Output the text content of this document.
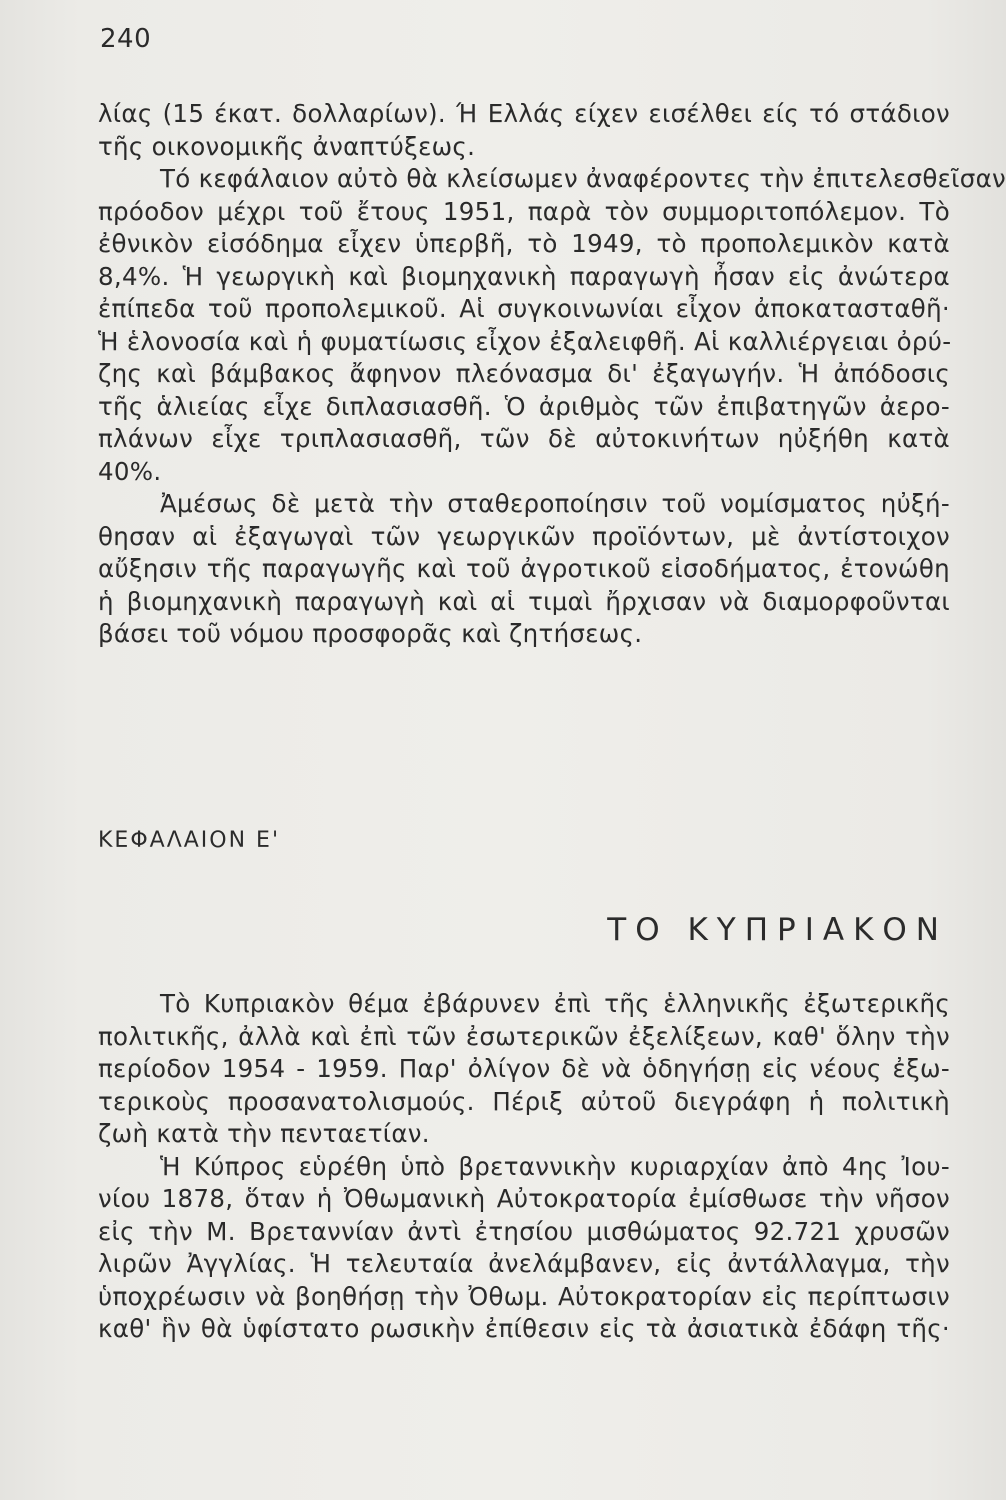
240
λίας (15 έκατ. δολλαρίων). Ή Ελλάς είχεν εισέλθει είς τό στάδιον
τῆς οικονομικῆς ἀναπτύξεως.
Τό κεφάλαιον αὐτὸ θὰ κλείσωμεν ἀναφέροντες τὴν ἐπιτελεσθεῖσαν
πρόοδον μέχρι τοῦ ἔτους 1951, παρὰ τὸν συμμοριτοπόλεμον. Τὸ
ἐθνικὸν εἰσόδημα εἶχεν ὑπερβῆ, τὸ 1949, τὸ προπολεμικὸν κατὰ
8,4%. Ἡ γεωργικὴ καὶ βιομηχανικὴ παραγωγὴ ἦσαν εἰς ἀνώτερα
ἐπίπεδα τοῦ προπολεμικοῦ. Αἱ συγκοινωνίαι εἶχον ἀποκατασταθῆ·
Ἡ ἑλονοσία καὶ ἡ φυματίωσις εἶχον ἐξαλειφθῆ. Αἱ καλλιέργειαι ὀρύ-
ζης καὶ βάμβακος ἄφηνον πλεόνασμα δι' ἐξαγωγήν. Ἡ ἀπόδοσις
τῆς ἁλιείας εἶχε διπλασιασθῆ. Ὁ ἀριθμὸς τῶν ἐπιβατηγῶν ἀερο-
πλάνων εἶχε τριπλασιασθῆ, τῶν δὲ αὐτοκινήτων ηὐξήθη κατὰ
40%.
Ἀμέσως δὲ μετὰ τὴν σταθεροποίησιν τοῦ νομίσματος ηὐξή-
θησαν αἱ ἐξαγωγαὶ τῶν γεωργικῶν προϊόντων, μὲ ἀντίστοιχον
αὔξησιν τῆς παραγωγῆς καὶ τοῦ ἀγροτικοῦ εἰσοδήματος, ἐτονώθη
ἡ βιομηχανικὴ παραγωγὴ καὶ αἱ τιμαὶ ἤρχισαν νὰ διαμορφοῦνται
βάσει τοῦ νόμου προσφορᾶς καὶ ζητήσεως.
ΚΕΦΑΛΑΙΟΝ Ε'
ΤΟ ΚΥΠΡΙΑΚΟΝ
Τὸ Κυπριακὸν θέμα ἐβάρυνεν ἐπὶ τῆς ἑλληνικῆς ἐξωτερικῆς
πολιτικῆς, ἀλλὰ καὶ ἐπὶ τῶν ἐσωτερικῶν ἐξελίξεων, καθ' ὅλην τὴν
περίοδον 1954 - 1959. Παρ' ὀλίγον δὲ νὰ ὁδηγήσῃ εἰς νέους ἐξω-
τερικοὺς προσανατολισμούς. Πέριξ αὐτοῦ διεγράφη ἡ πολιτικὴ
ζωὴ κατὰ τὴν πενταετίαν.
Ἡ Κύπρος εὑρέθη ὑπὸ βρεταννικὴν κυριαρχίαν ἀπὸ 4ης Ἰου-
νίου 1878, ὅταν ἡ Ὀθωμανικὴ Αὐτοκρατορία ἐμίσθωσε τὴν νῆσον
εἰς τὴν Μ. Βρεταννίαν ἀντὶ ἐτησίου μισθώματος 92.721 χρυσῶν
λιρῶν Ἀγγλίας. Ἡ τελευταία ἀνελάμβανεν, εἰς ἀντάλλαγμα, τὴν
ὑποχρέωσιν νὰ βοηθήσῃ τὴν Ὀθωμ. Αὐτοκρατορίαν εἰς περίπτωσιν
καθ' ἣν θὰ ὑφίστατο ρωσικὴν ἐπίθεσιν εἰς τὰ ἀσιατικὰ ἐδάφη τῆς·
